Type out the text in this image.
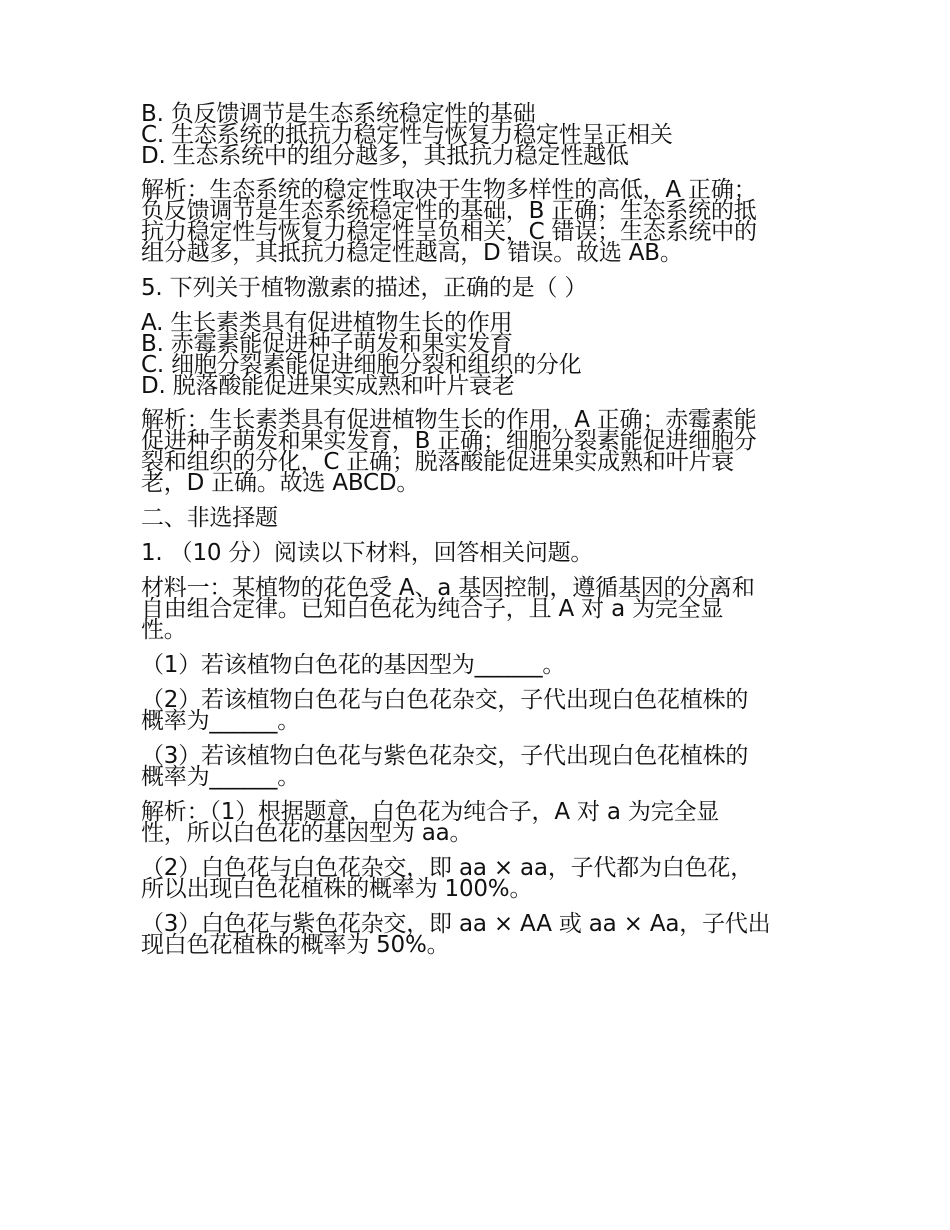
B. 负反馈调节是生态系统稳定性的基础
C. 生态系统的抵抗力稳定性与恢复力稳定性呈正相关
D. 生态系统中的组分越多，其抵抗力稳定性越低

解析：生态系统的稳定性取决于生物多样性的高低，A 正确；
负反馈调节是生态系统稳定性的基础，B 正确；生态系统的抵
抗力稳定性与恢复力稳定性呈负相关，C 错误；生态系统中的
组分越多，其抵抗力稳定性越高，D 错误。故选 AB。

5. 下列关于植物激素的描述，正确的是（ ）

A. 生长素类具有促进植物生长的作用
B. 赤霉素能促进种子萌发和果实发育
C. 细胞分裂素能促进细胞分裂和组织的分化
D. 脱落酸能促进果实成熟和叶片衰老

解析：生长素类具有促进植物生长的作用，A 正确；赤霉素能
促进种子萌发和果实发育，B 正确；细胞分裂素能促进细胞分
裂和组织的分化，C 正确；脱落酸能促进果实成熟和叶片衰
老，D 正确。故选 ABCD。

二、非选择题

1. （10 分）阅读以下材料，回答相关问题。

材料一：某植物的花色受 A、a 基因控制，遵循基因的分离和
自由组合定律。已知白色花为纯合子，且 A 对 a 为完全显
性。

（1）若该植物白色花的基因型为______。

（2）若该植物白色花与白色花杂交，子代出现白色花植株的
概率为______。

（3）若该植物白色花与紫色花杂交，子代出现白色花植株的
概率为______。

解析：（1）根据题意，白色花为纯合子，A 对 a 为完全显
性，所以白色花的基因型为 aa。

（2）白色花与白色花杂交，即 aa × aa，子代都为白色花，
所以出现白色花植株的概率为 100%。

（3）白色花与紫色花杂交，即 aa × AA 或 aa × Aa，子代出
现白色花植株的概率为 50%。
